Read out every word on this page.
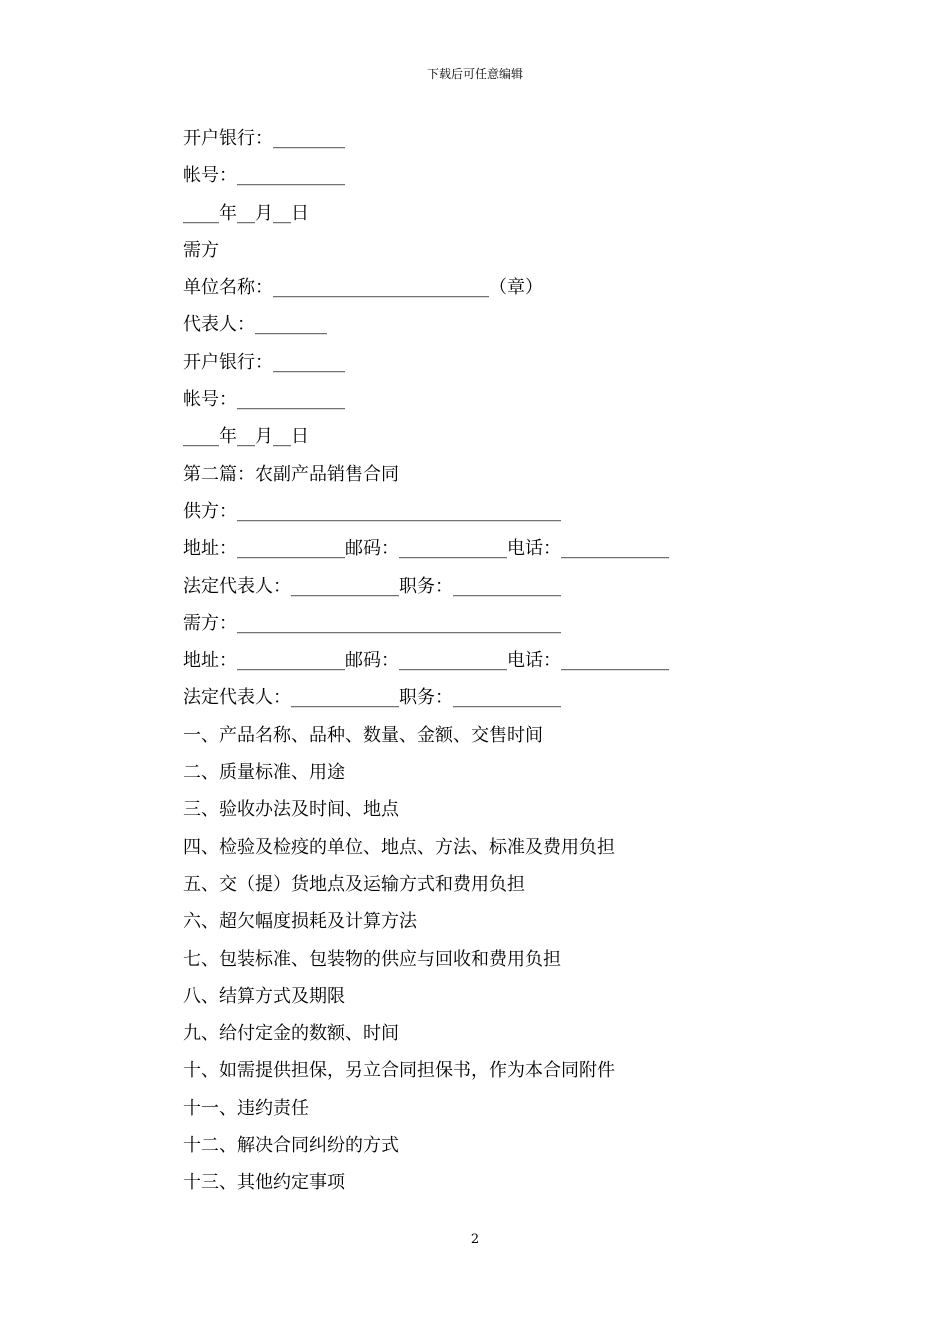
下载后可任意编辑
开户银行：________
帐号：____________
____年__月__日
需方
单位名称：________________________（章）
代表人：________
开户银行：________
帐号：____________
____年__月__日
第二篇：农副产品销售合同
供方：____________________________________
地址：____________邮码：____________电话：____________
法定代表人：____________职务：____________
需方：____________________________________
地址：____________邮码：____________电话：____________
法定代表人：____________职务：____________
一、产品名称、品种、数量、金额、交售时间
二、质量标准、用途
三、验收办法及时间、地点
四、检验及检疫的单位、地点、方法、标准及费用负担
五、交（提）货地点及运输方式和费用负担
六、超欠幅度损耗及计算方法
七、包装标准、包装物的供应与回收和费用负担
八、结算方式及期限
九、给付定金的数额、时间
十、如需提供担保，另立合同担保书，作为本合同附件
十一、违约责任
十二、解决合同纠纷的方式
十三、其他约定事项
2
